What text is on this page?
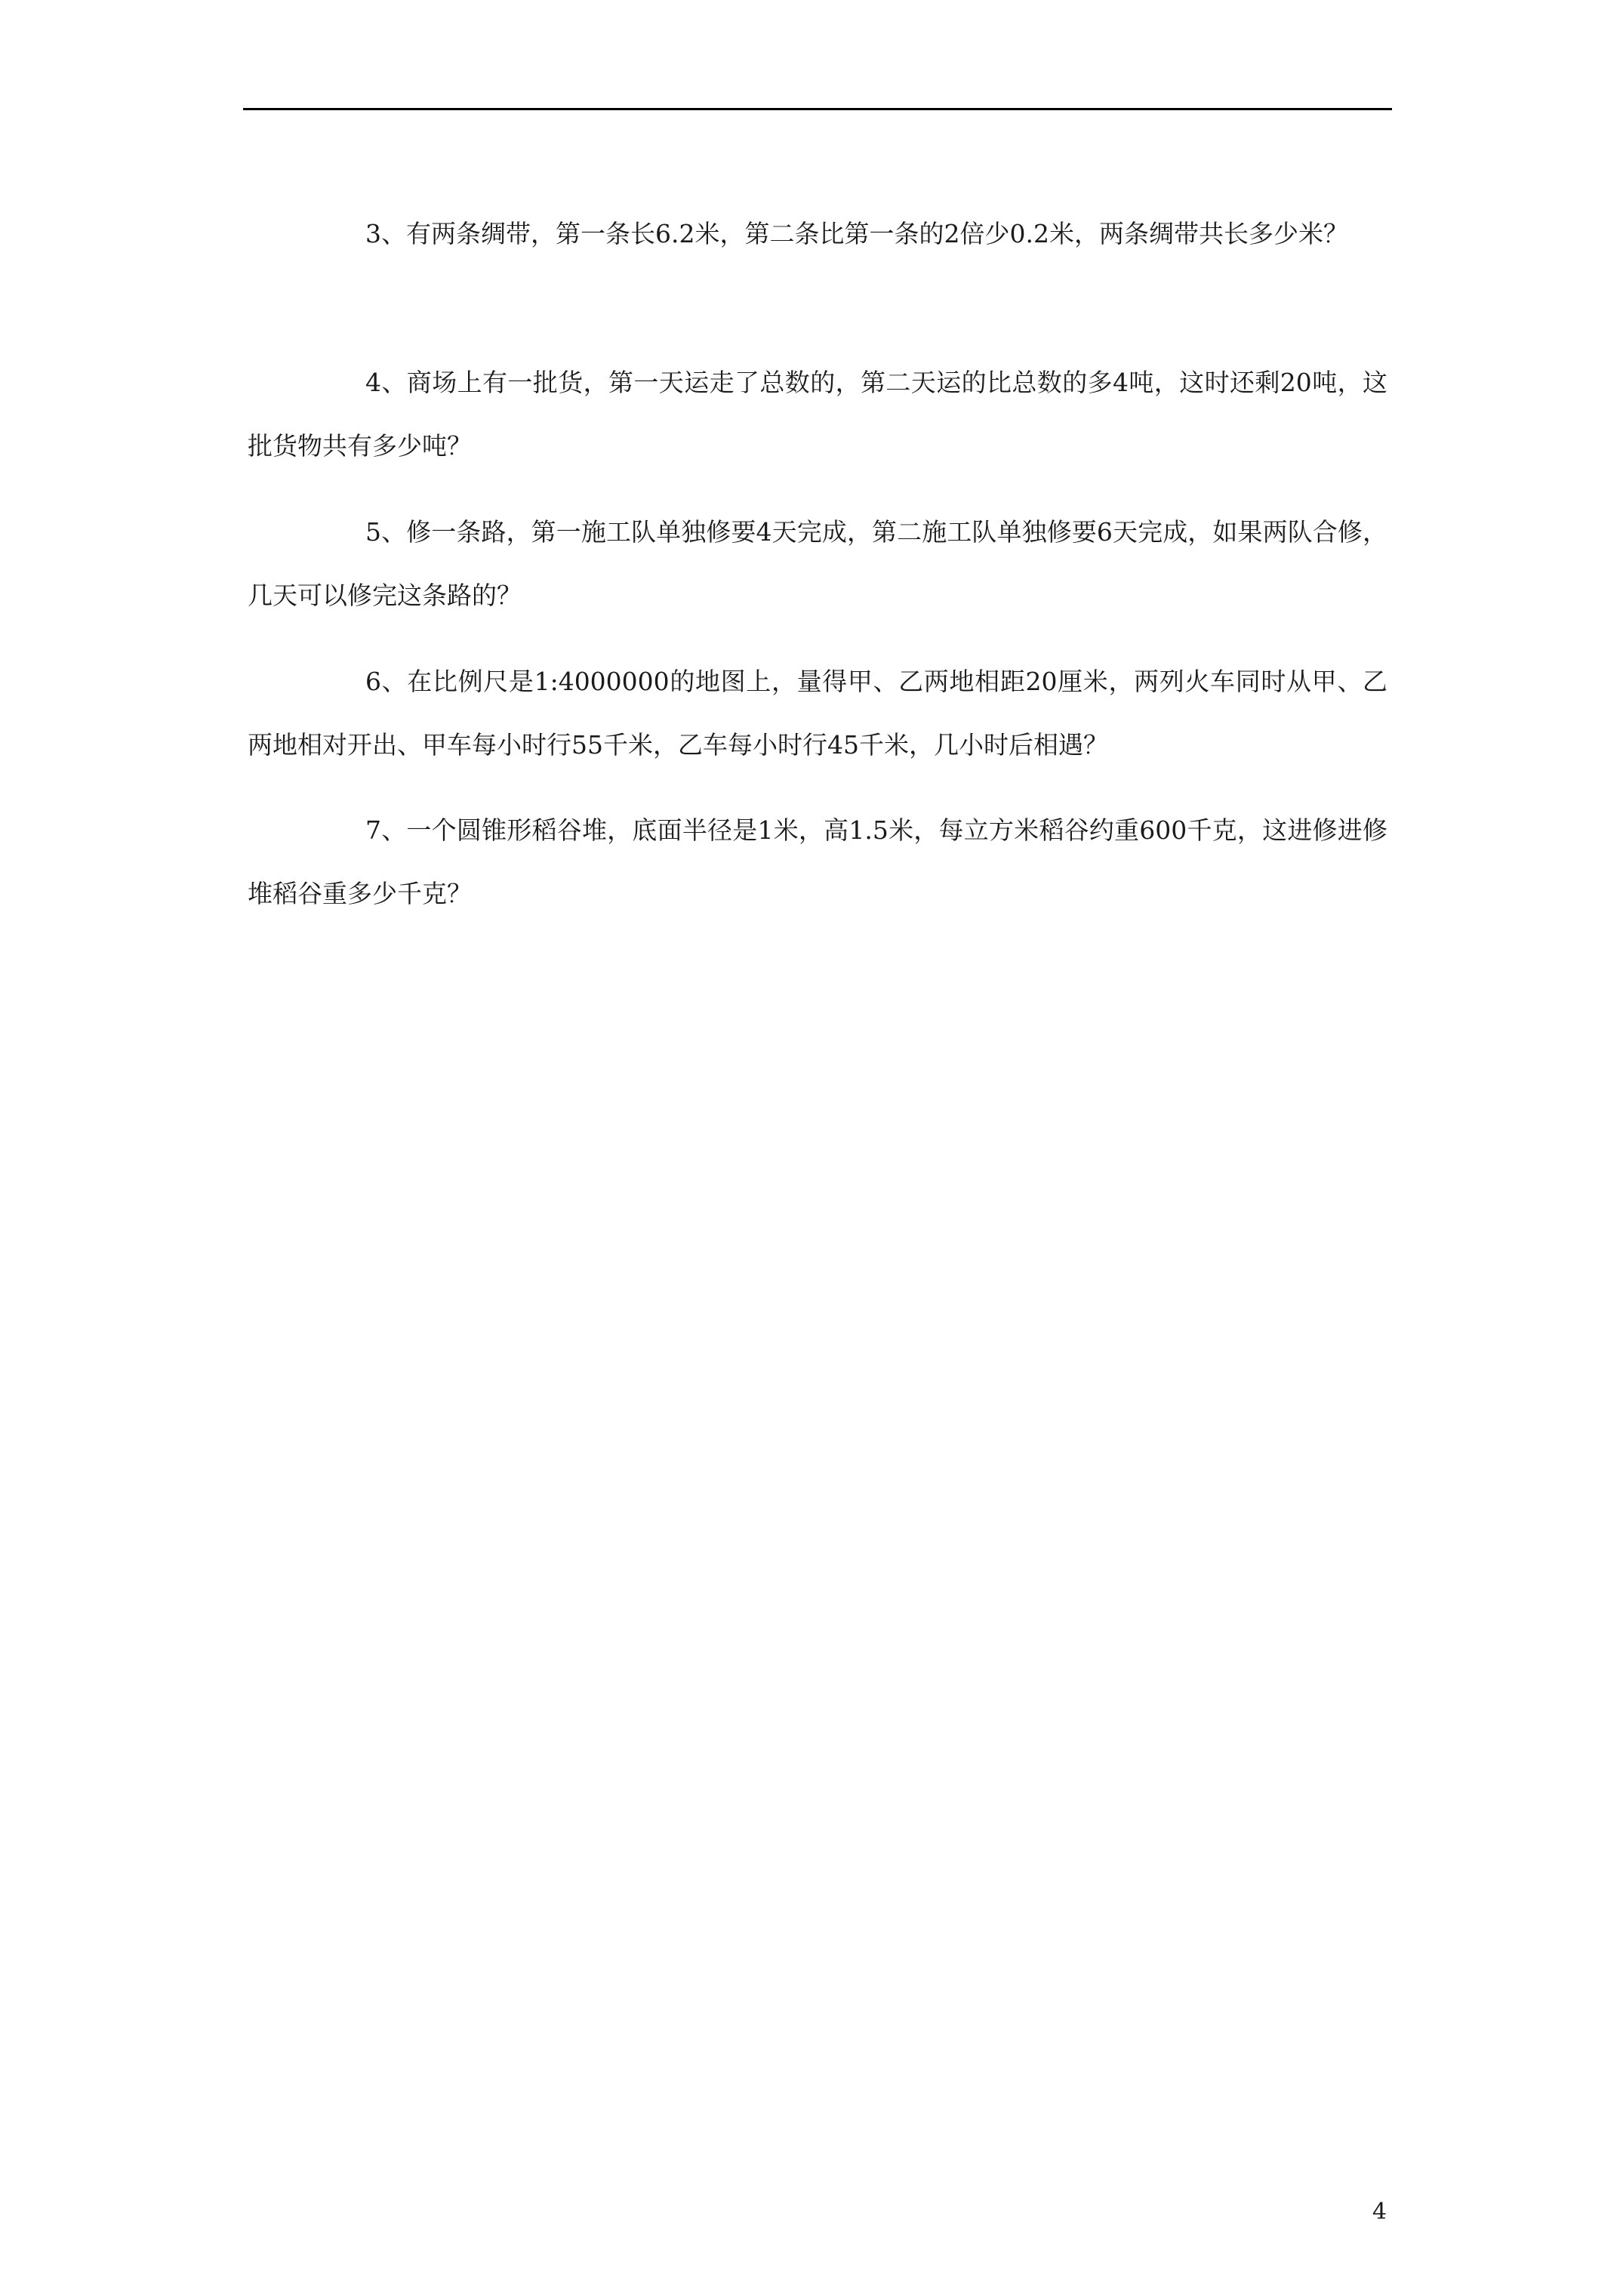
3、有两条绸带，第一条长6.2米，第二条比第一条的2倍少0.2米，两条绸带共长多少米？

4、商场上有一批货，第一天运走了总数的，第二天运的比总数的多4吨，这时还剩20吨，这批货物共有多少吨？

5、修一条路，第一施工队单独修要4天完成，第二施工队单独修要6天完成，如果两队合修，几天可以修完这条路的？

6、在比例尺是1:4000000的地图上，量得甲、乙两地相距20厘米，两列火车同时从甲、乙两地相对开出、甲车每小时行55千米，乙车每小时行45千米，几小时后相遇？

7、一个圆锥形稻谷堆，底面半径是1米，高1.5米，每立方米稻谷约重600千克，这进修进修堆稻谷重多少千克？

4
